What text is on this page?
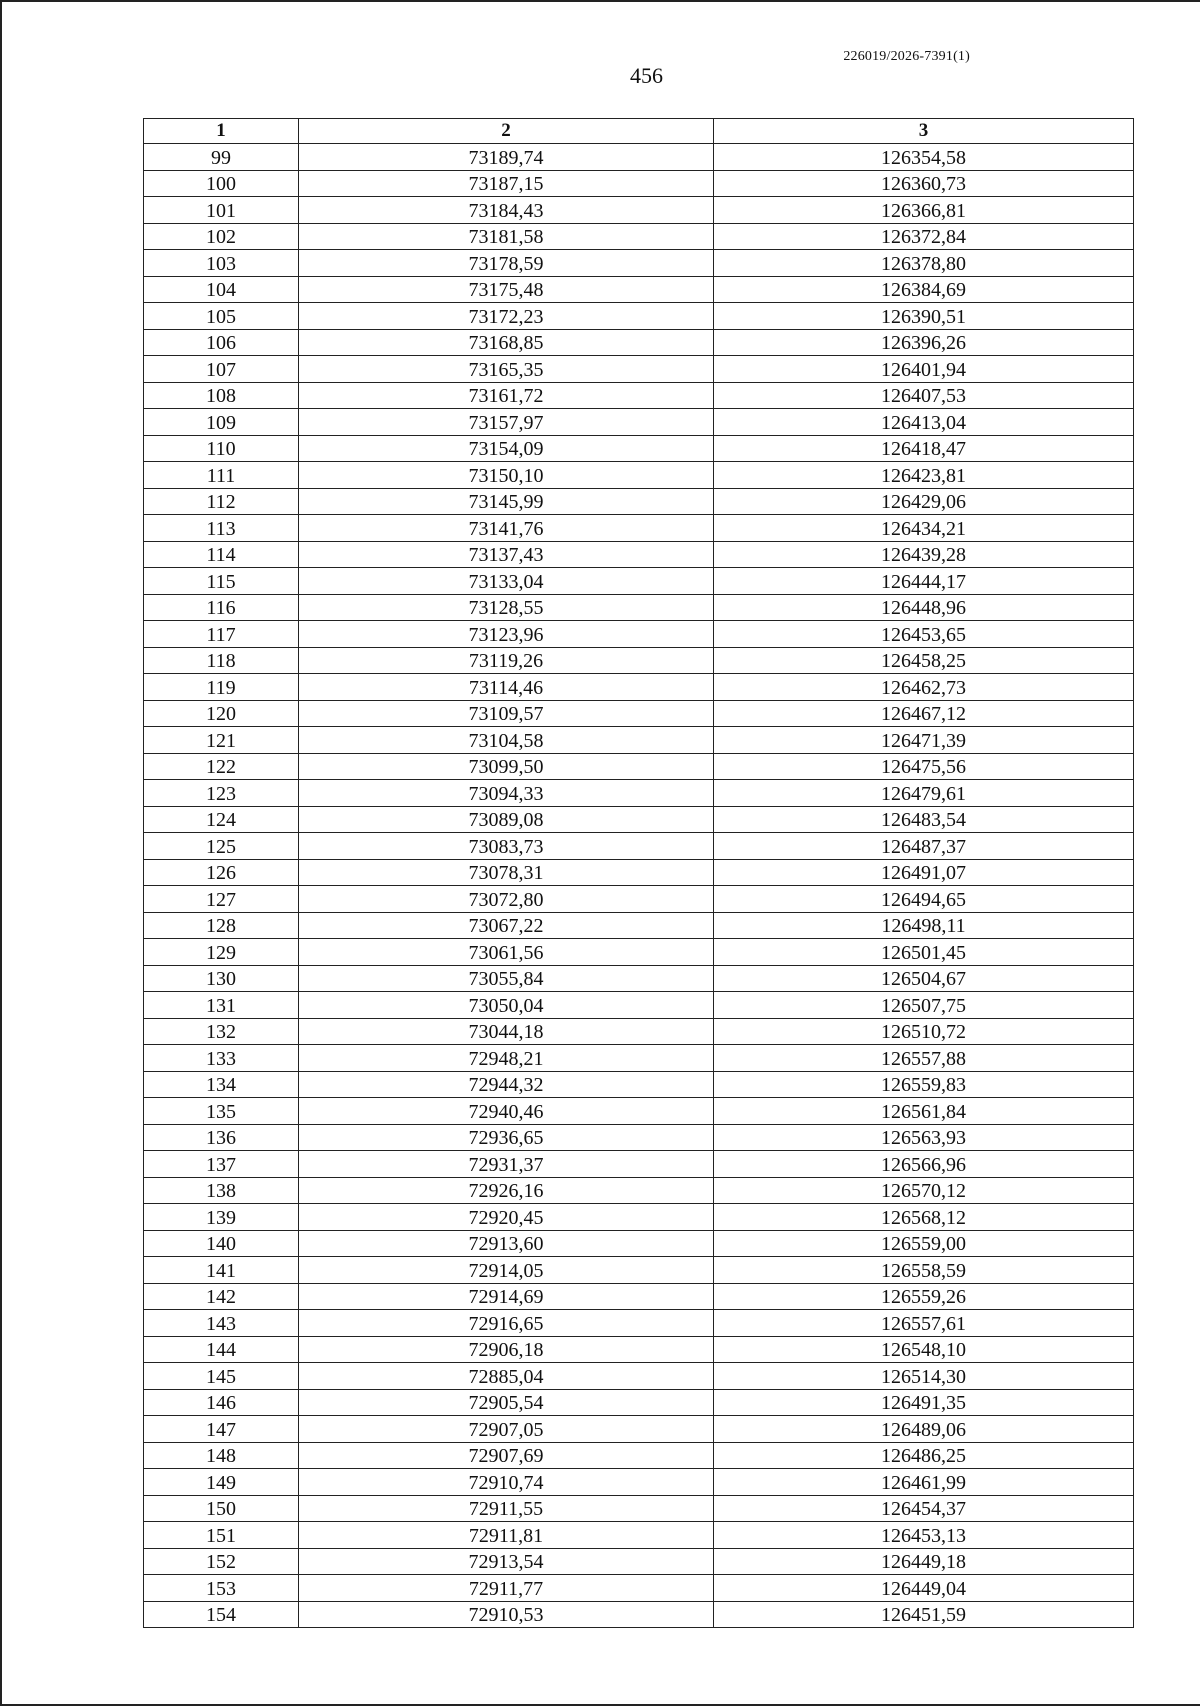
226019/2026-7391(1)
456
1	2	3
99	73189,74	126354,58
100	73187,15	126360,73
101	73184,43	126366,81
102	73181,58	126372,84
103	73178,59	126378,80
104	73175,48	126384,69
105	73172,23	126390,51
106	73168,85	126396,26
107	73165,35	126401,94
108	73161,72	126407,53
109	73157,97	126413,04
110	73154,09	126418,47
111	73150,10	126423,81
112	73145,99	126429,06
113	73141,76	126434,21
114	73137,43	126439,28
115	73133,04	126444,17
116	73128,55	126448,96
117	73123,96	126453,65
118	73119,26	126458,25
119	73114,46	126462,73
120	73109,57	126467,12
121	73104,58	126471,39
122	73099,50	126475,56
123	73094,33	126479,61
124	73089,08	126483,54
125	73083,73	126487,37
126	73078,31	126491,07
127	73072,80	126494,65
128	73067,22	126498,11
129	73061,56	126501,45
130	73055,84	126504,67
131	73050,04	126507,75
132	73044,18	126510,72
133	72948,21	126557,88
134	72944,32	126559,83
135	72940,46	126561,84
136	72936,65	126563,93
137	72931,37	126566,96
138	72926,16	126570,12
139	72920,45	126568,12
140	72913,60	126559,00
141	72914,05	126558,59
142	72914,69	126559,26
143	72916,65	126557,61
144	72906,18	126548,10
145	72885,04	126514,30
146	72905,54	126491,35
147	72907,05	126489,06
148	72907,69	126486,25
149	72910,74	126461,99
150	72911,55	126454,37
151	72911,81	126453,13
152	72913,54	126449,18
153	72911,77	126449,04
154	72910,53	126451,59
